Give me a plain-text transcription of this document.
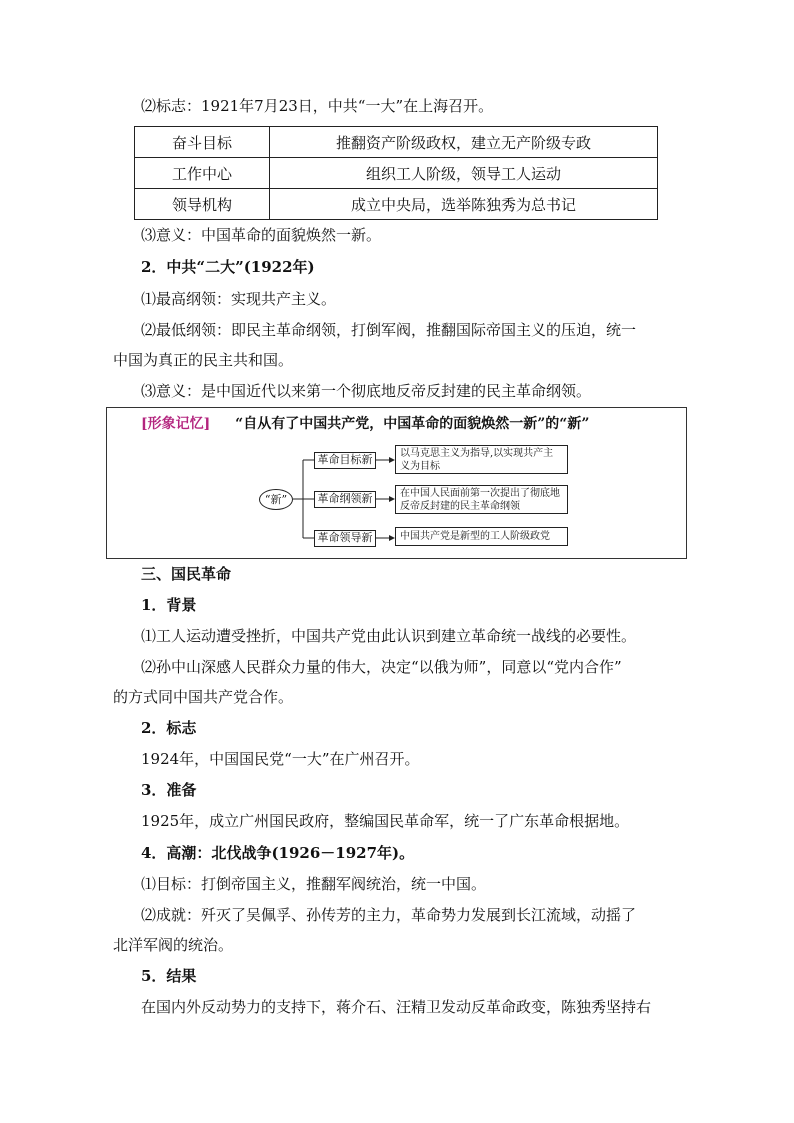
⑵标志：1921年7月23日，中共“一大”在上海召开。
奋斗目标	推翻资产阶级政权，建立无产阶级专政
工作中心	组织工人阶级，领导工人运动
领导机构	成立中央局，选举陈独秀为总书记
⑶意义：中国革命的面貌焕然一新。
2．中共“二大”(1922年)
⑴最高纲领：实现共产主义。
⑵最低纲领：即民主革命纲领，打倒军阀，推翻国际帝国主义的压迫，统一
中国为真正的民主共和国。
⑶意义：是中国近代以来第一个彻底地反帝反封建的民主革命纲领。
[形象记忆] “自从有了中国共产党，中国革命的面貌焕然一新”的“新”
“新”
革命目标新
革命纲领新
革命领导新
以马克思主义为指导,以实现共产主义为目标
在中国人民面前第一次提出了彻底地反帝反封建的民主革命纲领
中国共产党是新型的工人阶级政党
三、国民革命
1．背景
⑴工人运动遭受挫折，中国共产党由此认识到建立革命统一战线的必要性。
⑵孙中山深感人民群众力量的伟大，决定“以俄为师”，同意以“党内合作”
的方式同中国共产党合作。
2．标志
1924年，中国国民党“一大”在广州召开。
3．准备
1925年，成立广州国民政府，整编国民革命军，统一了广东革命根据地。
4．高潮：北伐战争(1926－1927年)。
⑴目标：打倒帝国主义，推翻军阀统治，统一中国。
⑵成就：歼灭了吴佩孚、孙传芳的主力，革命势力发展到长江流域，动摇了
北洋军阀的统治。
5．结果
在国内外反动势力的支持下，蒋介石、汪精卫发动反革命政变，陈独秀坚持右
